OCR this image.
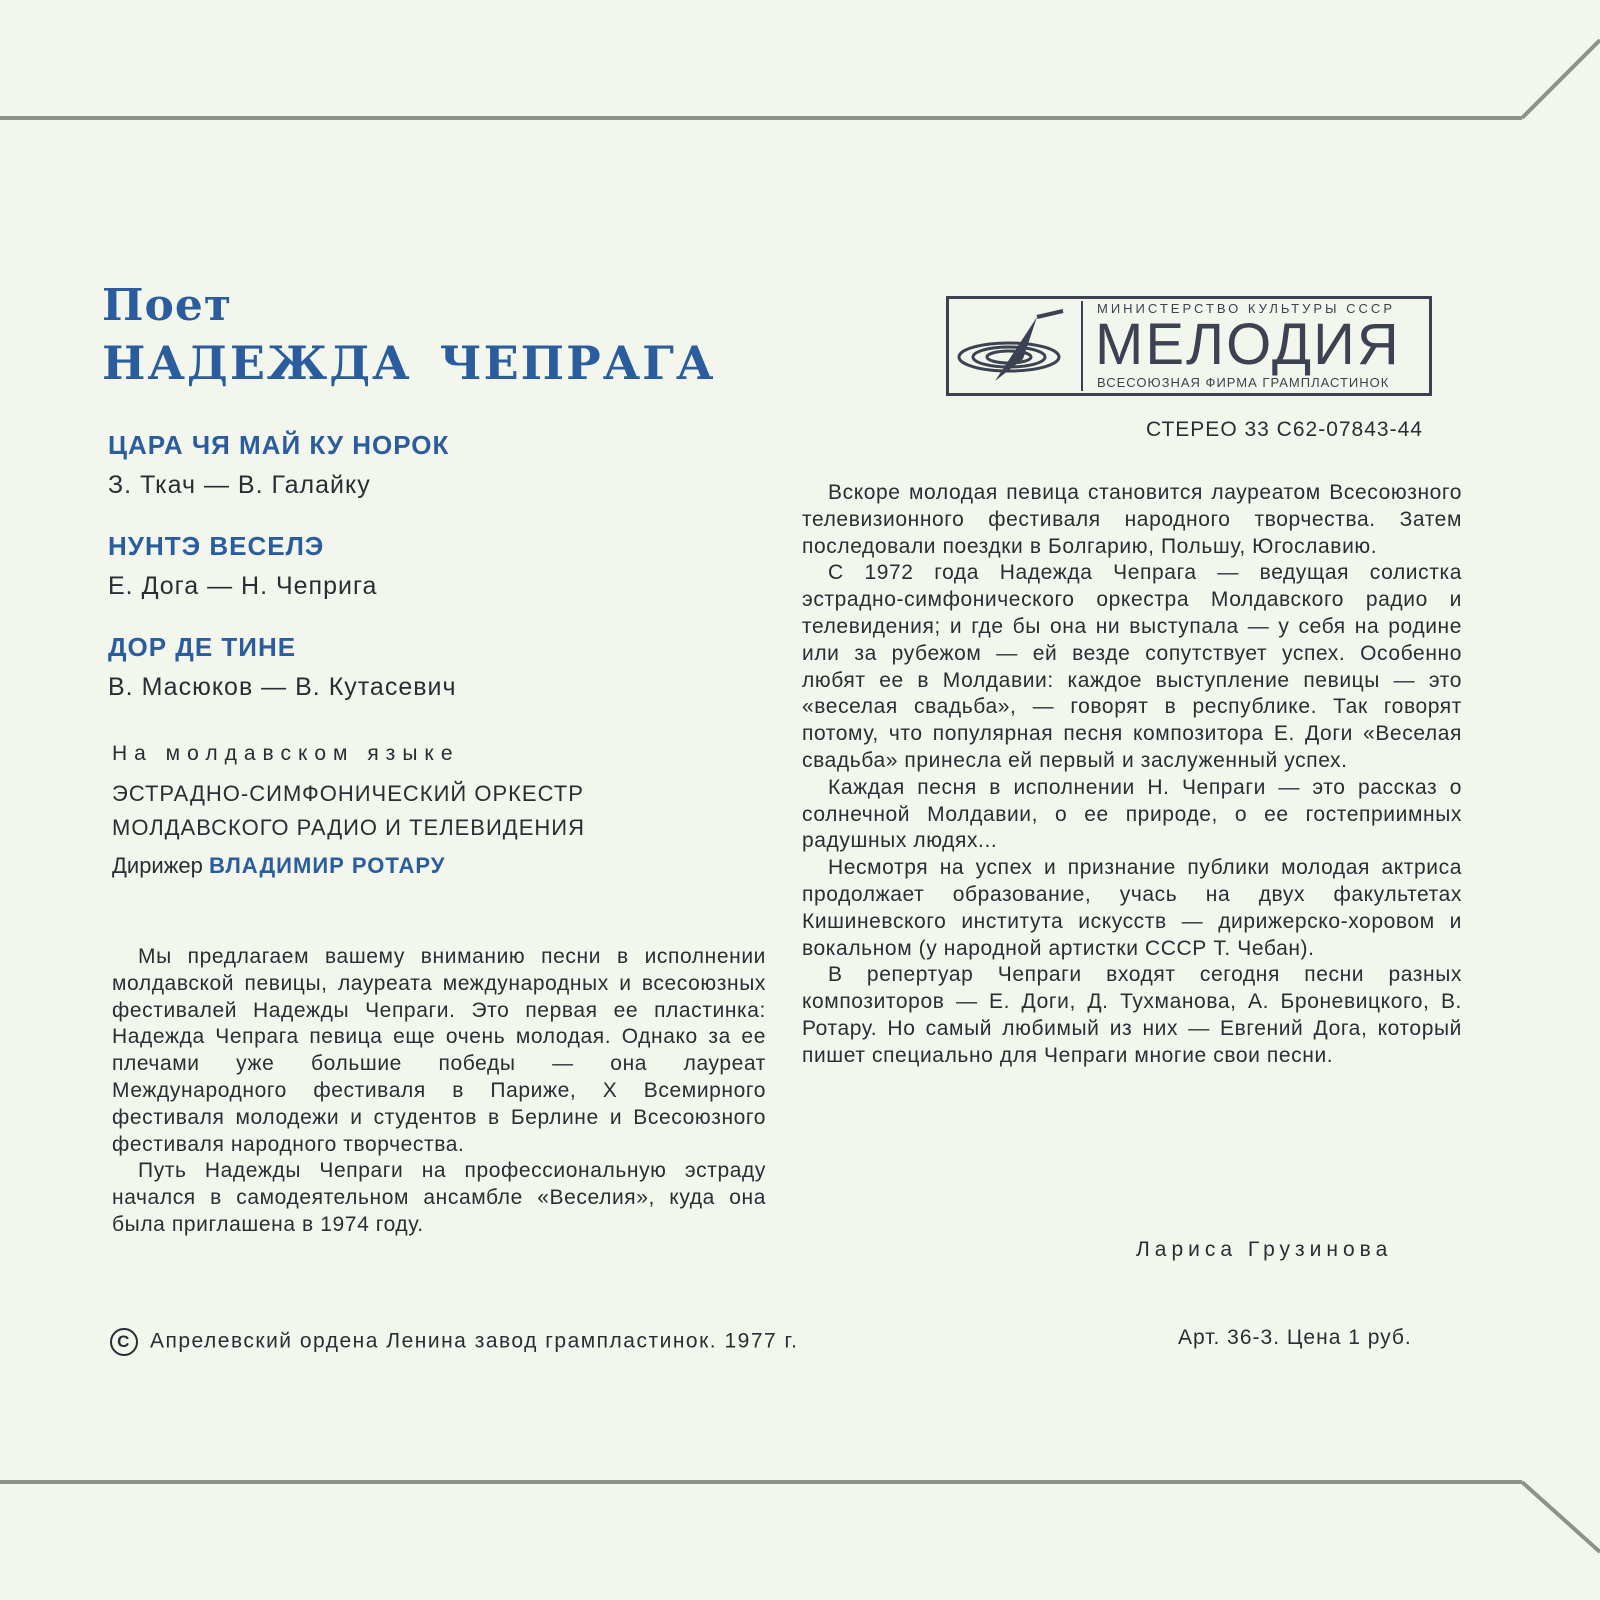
Поет
НАДЕЖДА ЧЕПРАГА
ЦАРА ЧЯ МАЙ КУ НОРОК
З. Ткач — В. Галайку
НУНТЭ ВЕСЕЛЭ
Е. Дога — Н. Чеприга
ДОР ДЕ ТИНЕ
В. Масюков — В. Кутасевич
На молдавском языке
ЭСТРАДНО-СИМФОНИЧЕСКИЙ ОРКЕСТР
МОЛДАВСКОГО РАДИО И ТЕЛЕВИДЕНИЯ
Дирижер ВЛАДИМИР РОТАРУ
МИНИСТЕРСТВО КУЛЬТУРЫ СССР
МЕЛОДИЯ
ВСЕСОЮЗНАЯ ФИРМА ГРАМПЛАСТИНОК
СТЕРЕО 33 С62-07843-44

Мы предлагаем вашему вниманию песни в исполнении молдавской певицы, лауреата международных и всесоюзных фестивалей Надежды Чепраги. Это первая ее пластинка: Надежда Чепрага певица еще очень молодая. Однако за ее плечами уже большие победы — она лауреат Международного фестиваля в Париже, X Всемирного фестиваля молодежи и студентов в Берлине и Всесоюзного фестиваля народного творчества.

Путь Надежды Чепраги на профессиональную эстраду начался в самодеятельном ансамбле «Веселия», куда она была приглашена в 1974 году.

Вскоре молодая певица становится лауреатом Всесоюзного телевизионного фестиваля народного творчества. Затем последовали поездки в Болгарию, Польшу, Югославию.

С 1972 года Надежда Чепрага — ведущая солистка эстрадно-симфонического оркестра Молдавского радио и телевидения; и где бы она ни выступала — у себя на родине или за рубежом — ей везде сопутствует успех. Особенно любят ее в Молдавии: каждое выступление певицы — это «веселая свадьба», — говорят в республике. Так говорят потому, что популярная песня композитора Е. Доги «Веселая свадьба» принесла ей первый и заслуженный успех.

Каждая песня в исполнении Н. Чепраги — это рассказ о солнечной Молдавии, о ее природе, о ее гостеприимных радушных людях...

Несмотря на успех и признание публики молодая актриса продолжает образование, учась на двух факультетах Кишиневского института искусств — дирижерско-хоровом и вокальном (у народной артистки СССР Т. Чебан).

В репертуар Чепраги входят сегодня песни разных композиторов — Е. Доги, Д. Тухманова, А. Броневицкого, В. Ротару. Но самый любимый из них — Евгений Дога, который пишет специально для Чепраги многие свои песни.

Лариса Грузинова
C Апрелевский ордена Ленина завод грампластинок. 1977 г.	Арт. 36-3. Цена 1 руб.
